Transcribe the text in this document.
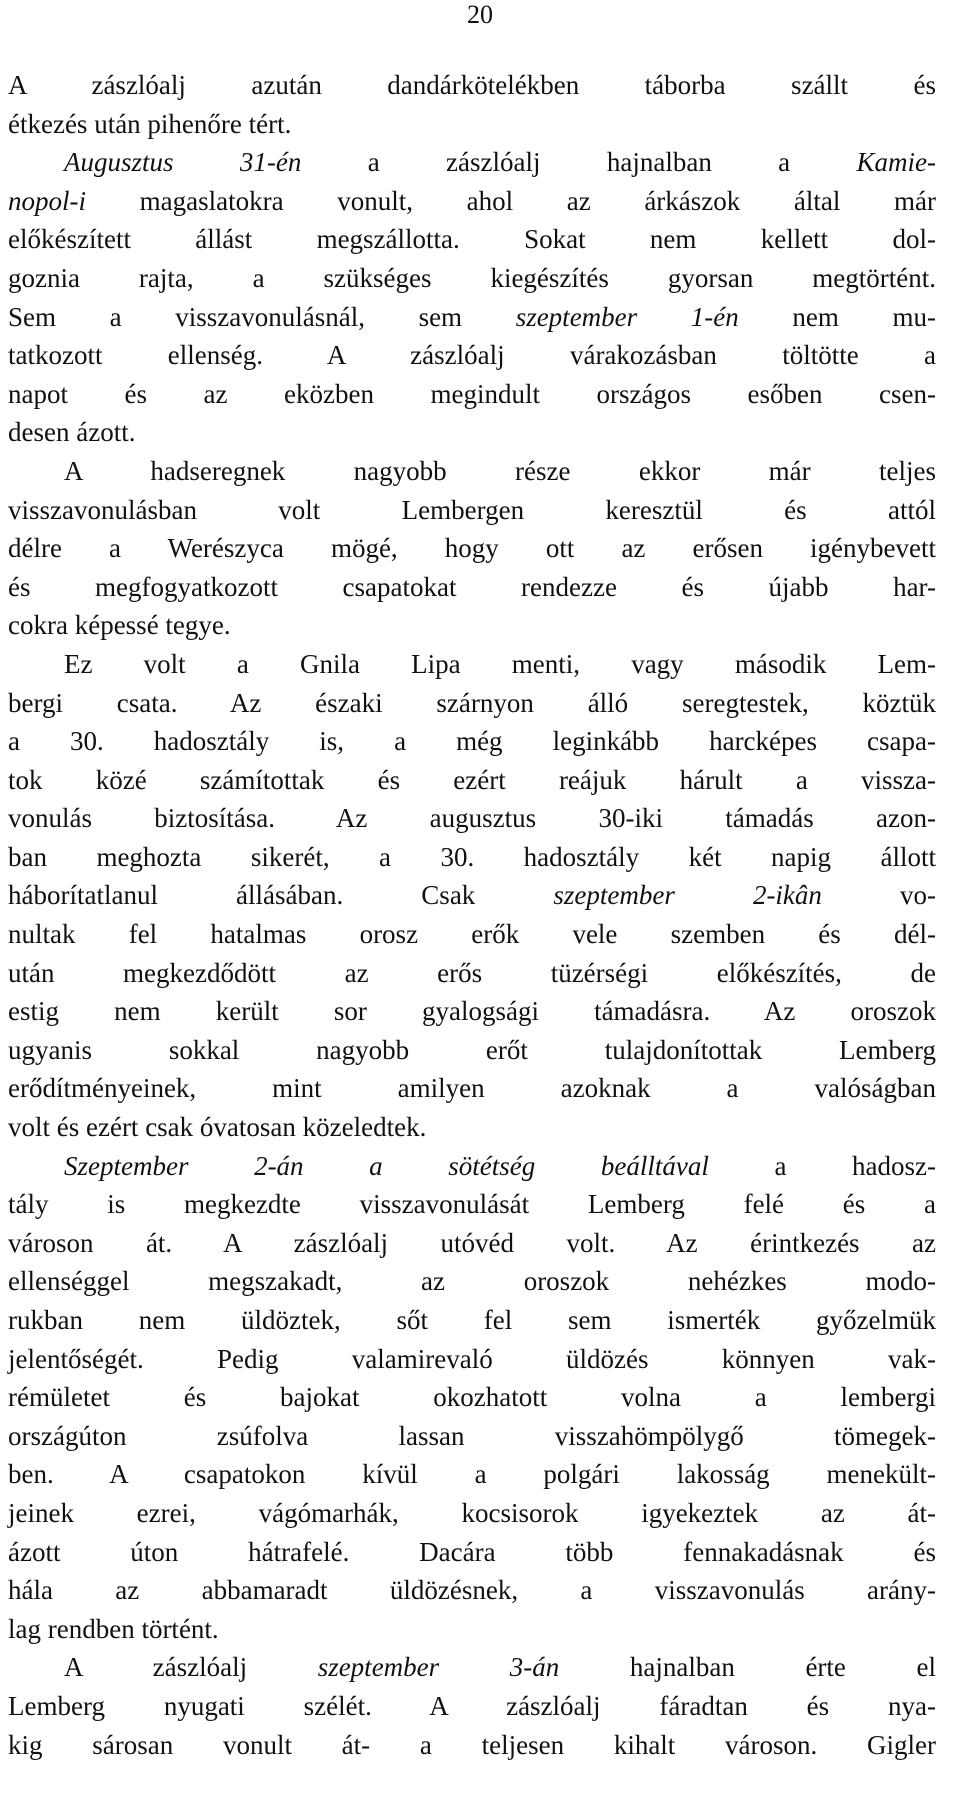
20
A zászlóalj azután dandárkötelékben táborba szállt és
étkezés után pihenőre tért.
Augusztus 31-én a zászlóalj hajnalban a Kamie-
nopol-i magaslatokra vonult, ahol az árkászok által már
előkészített állást megszállotta. Sokat nem kellett dol-
goznia rajta, a szükséges kiegészítés gyorsan megtörtént.
Sem a visszavonulásnál, sem szeptember 1-én nem mu-
tatkozott ellenség. A zászlóalj várakozásban töltötte a
napot és az eközben megindult országos esőben csen-
desen ázott.
A hadseregnek nagyobb része ekkor már teljes
visszavonulásban volt Lembergen keresztül és attól
délre a Werészyca mögé, hogy ott az erősen igénybevett
és megfogyatkozott csapatokat rendezze és újabb har-
cokra képessé tegye.
Ez volt a Gnila Lipa menti, vagy második Lem-
bergi csata. Az északi szárnyon álló seregtestek, köztük
a 30. hadosztály is, a még leginkább harcképes csapa-
tok közé számítottak és ezért reájuk hárult a vissza-
vonulás biztosítása. Az augusztus 30-iki támadás azon-
ban meghozta sikerét, a 30. hadosztály két napig állott
háborítatlanul állásában. Csak szeptember 2-ikân vo-
nultak fel hatalmas orosz erők vele szemben és dél-
után megkezdődött az erős tüzérségi előkészítés, de
estig nem került sor gyalogsági támadásra. Az oroszok
ugyanis sokkal nagyobb erőt tulajdonítottak Lemberg
erődítményeinek, mint amilyen azoknak a valóságban
volt és ezért csak óvatosan közeledtek.
Szeptember 2-án a sötétség beálltával a hadosz-
tály is megkezdte visszavonulását Lemberg felé és a
városon át. A zászlóalj utóvéd volt. Az érintkezés az
ellenséggel megszakadt, az oroszok nehézkes modo-
rukban nem üldöztek, sőt fel sem ismerték győzelmük
jelentőségét. Pedig valamirevaló üldözés könnyen vak-
rémületet és bajokat okozhatott volna a lembergi
országúton zsúfolva lassan visszahömpölygő tömegek-
ben. A csapatokon kívül a polgári lakosság menekült-
jeinek ezrei, vágómarhák, kocsisorok igyekeztek az át-
ázott úton hátrafelé. Dacára több fennakadásnak és
hála az abbamaradt üldözésnek, a visszavonulás arány-
lag rendben történt.
A zászlóalj szeptember 3-án hajnalban érte el
Lemberg nyugati szélét. A zászlóalj fáradtan és nya-
kig sárosan vonult át- a teljesen kihalt városon. Gigler
